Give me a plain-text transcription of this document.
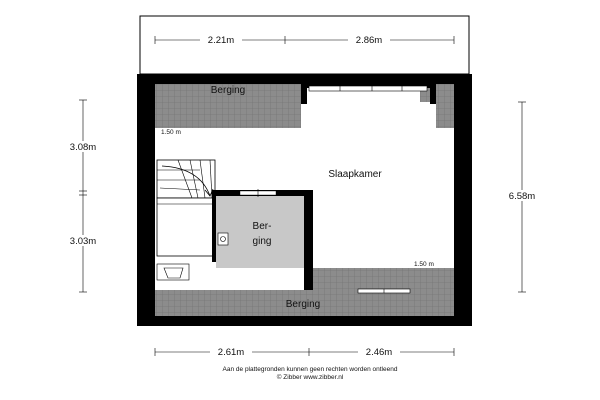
Berging
Slaapkamer
Ber-
ging
Berging
1.50 m
1.50 m
2.21m	2.86m
3.08m
3.03m
6.58m
2.61m	2.46m
Aan de plattegronden kunnen geen rechten worden ontleend
© Zibber www.zibber.nl
